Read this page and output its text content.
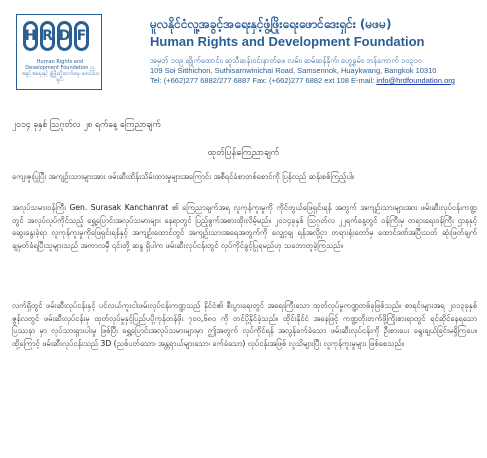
H R D F
Human Rights and Development Foundation လူ့အခွင့်အရေးနှင့် ဖွံ့ဖြိုးတိုးတက်ရေး ဖောင်ဒေးရှင်း
မူလနိုင်ငံလူ့အခွင့်အရေးနှင့်ဖွံ့ဖြိုးရေးဖောင်ဒေးရှင်း (မဖမ)
Human Rights and Development Foundation
အမှတ် ၁၀၉ ဆွိုက်ထောင်း၊ ဆူသီဆန်းဝင်းနာတ်ဖေ လမ်း၊ ဆမ်ဆန်နိုက်၊ ဟွေ့ခွမ်း၊ ဘန်ကောက် ၁၀၃၁၀
109 Soi Sitthichon, Suthisarnwinichai Road, Samsennok, Huaykwang, Bangkok 10310
Tel: (+662)277 6882/277 6887 Fax: (+662)277 6882 ext 108 E-mail: info@hrdfoundation.org
၂၀၁၄ ခုနှစ် ဩဂုတ်လ ၂၈ ရက်နေ့ ကြေညာချက်
ထုတ်ပြန်ကြေညာချက်
ကျေးဇူးပြုပြီး အကျဉ်းသားများအား ဖမ်းဆီးထိန်းသိမ်းထားမှုများအကြောင်း အစီရင်ခံစာတစ်စောင်ကို ပြန်လည် ဆန်းစစ်ကြည့်ပါ။
အလုပ်သမားဝန်ကြီး Gen. Surasak Kanchanrat ၏ ကြေညာချက်အရ လူကုန်ကူးမှုကို ကိုင်တွယ်ဖြေရှင်းရန် အတွက် အကျဉ်းသားများအား ဖမ်းဆီးလုပ်ငန်းကဏ္ဍတွင် အလုပ်လုပ်ကိုင်သည့် ရွှေ့ပြောင်းအလုပ်သမားများ နေရာတွင် ပြည့်စွက်အစားထိုးလိမ့်မည်။ ၂၀၁၄ခုနှစ် ဩဂုတ်လ ၂၂ရက်နေ့တွင် ဝန်ကြီးမှ တရားရေးဝန်ကြီး ဌာနနှင့်ဆွေးနွေးခဲ့ရာ လူကုန်ကူးမှုကိုဖြေရှင်းရန်နှင့် အကျဉ်းထောင်တွင် အကျဉ်းသားအရေအတွက်ကို လျှော့ချ ရန်အလို့ငှာ တရားရုံးတော်မှ ထောင်ဒဏ်အပြီးသတ် ဆုံးဖြတ်ချက်ချမှတ်ခံရပြီးသူများသည် အကာလမှီ ၎င်းတို့ ဆန္ဒ ရှိပါက ဖမ်းဆီးလုပ်ငန်းတွင် လုပ်ကိုင်ခွင့်ပြုရမည်ဟု သဘောတူခဲ့ကြသည်။
လက်ရှိတွင် ဖမ်းဆီးလုပ်ငန်းနှင့် ပင်လယ်ကူးငါးဖမ်းလုပ်ငန်းကဏ္ဍသည် နိုင်ငံ၏ စီးပွားရေးတွင် အရေးကြီးသော ထုတ်လုပ်မှုကဏ္ဍတစ်ခုဖြစ်သည်။ စာရင်းများအရ ၂၀၁၃ခုနှစ် ဇွန်လတွင် ဖမ်းဆီးလုပ်ငန်းမှ ထုတ်လုပ်မှုနှင့်ပြည်ပပို့ကုန်တန်ဖိုး ၇၀၀,၆၈၀ ကို တင်ပို့နိုင်ခဲ့သည်။ ထိုင်းနိုင်ငံ အနေဖြင့် ကဏ္ဍတိုးတက်ဖို့ကြိုးစားရာတွင် ရင်ဆိုင်နေရသော ပြဿနာ မှာ လုပ်သားရှားပါးမှု ဖြစ်ပြီး ရွှေ့ပြောင်းအလုပ်သမားများမှာ ဤအတွက် လုပ်ကိုင်ရန် အလွန်ခက်ခဲသော ဖမ်းဆီးလုပ်ငန်းကို ဦးစားပေး ရွေးချယ်ခြင်းမရှိကြပေ။ ထို့ကြောင့် ဖမ်းဆီးလုပ်ငန်းသည် 3D (ညစ်ပတ်သော၊ အန္တရာယ်များသော၊ ခက်ခဲသော) လုပ်ငန်းအဖြစ် လူသိများပြီး လူကုန်ကူးမှုများ ဖြစ်စေသည်။
